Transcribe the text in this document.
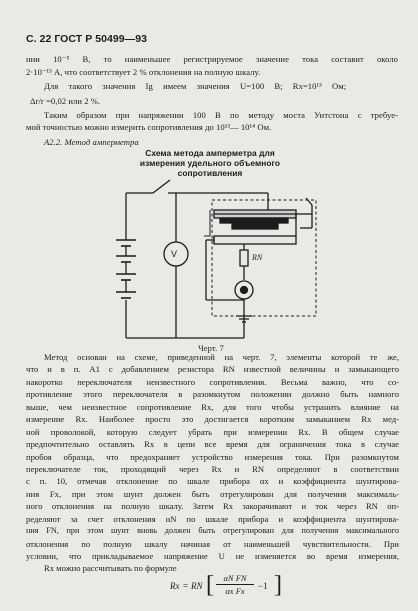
С. 22 ГОСТ Р 50499—93
нии 10⁻⁵ В, то наименьшее регистрируемое значение тока составит около
2·10⁻¹³ А, что соответствует 2 % отклонения на полную шкалу.
Для такого значения Ig имеем значения U=100 В; Rx=10¹³ Ом;
Δr/r =0,02 или 2 %.
Таким образом при напряжении 100 В по методу моста Уитстона с требуе-
мой точностью можно измерить сопротивления до 10¹³— 10¹⁴ Ом.
А2.2. Метод амперметра
Схема метода амперметра для
измерения удельного объемного
сопротивления
V	RN
Черт. 7
Метод основан на схеме, приведенной на черт. 7, элементы которой те же,
что и в п. А1 с добавлением резистора RN известной величины и замыкающего
накоротко переключателя неизвестного сопротивления. Весьма важно, что со-
противление этого переключателя в разомкнутом положении должно быть намного
выше, чем неизвестное сопротивление Rx, для того чтобы устранить влияние на
измерение Rx. Наиболее просто это достигается коротким замыканием Rx мед-
ной проволокой, которую следует убрать при измерении Rx. В общем случае
предпочтительно оставлять Rx в цепи все время для ограничения тока в случае
пробоя образца, что предохраняет устройство измерения тока. При разомкнутом
переключателе ток, проходящий через Rx и RN определяют в соответствии
с п. 10, отмечая отклонение по шкале прибора αx и коэффициента шунтирова-
ния Fx, при этом шунт должен быть отрегулирован для получения максималь-
ного отклонения на полную шкалу. Затем Rx закорачивают и ток через RN оп-
ределяют за счет отклонения αN по шкале прибора и коэффициента шунтирова-
ния FN, при этом шунт вновь должен быть отрегулирован для получения максимального
отклонения по полную шкалу начиная от наименьшей чувствительности. При
условии, что прикладываемое напряжение U не изменяется во время измерения,
Rx можно рассчитывать по формуле
Rx = RN [	αN FN
αx Fx	−1 ]
